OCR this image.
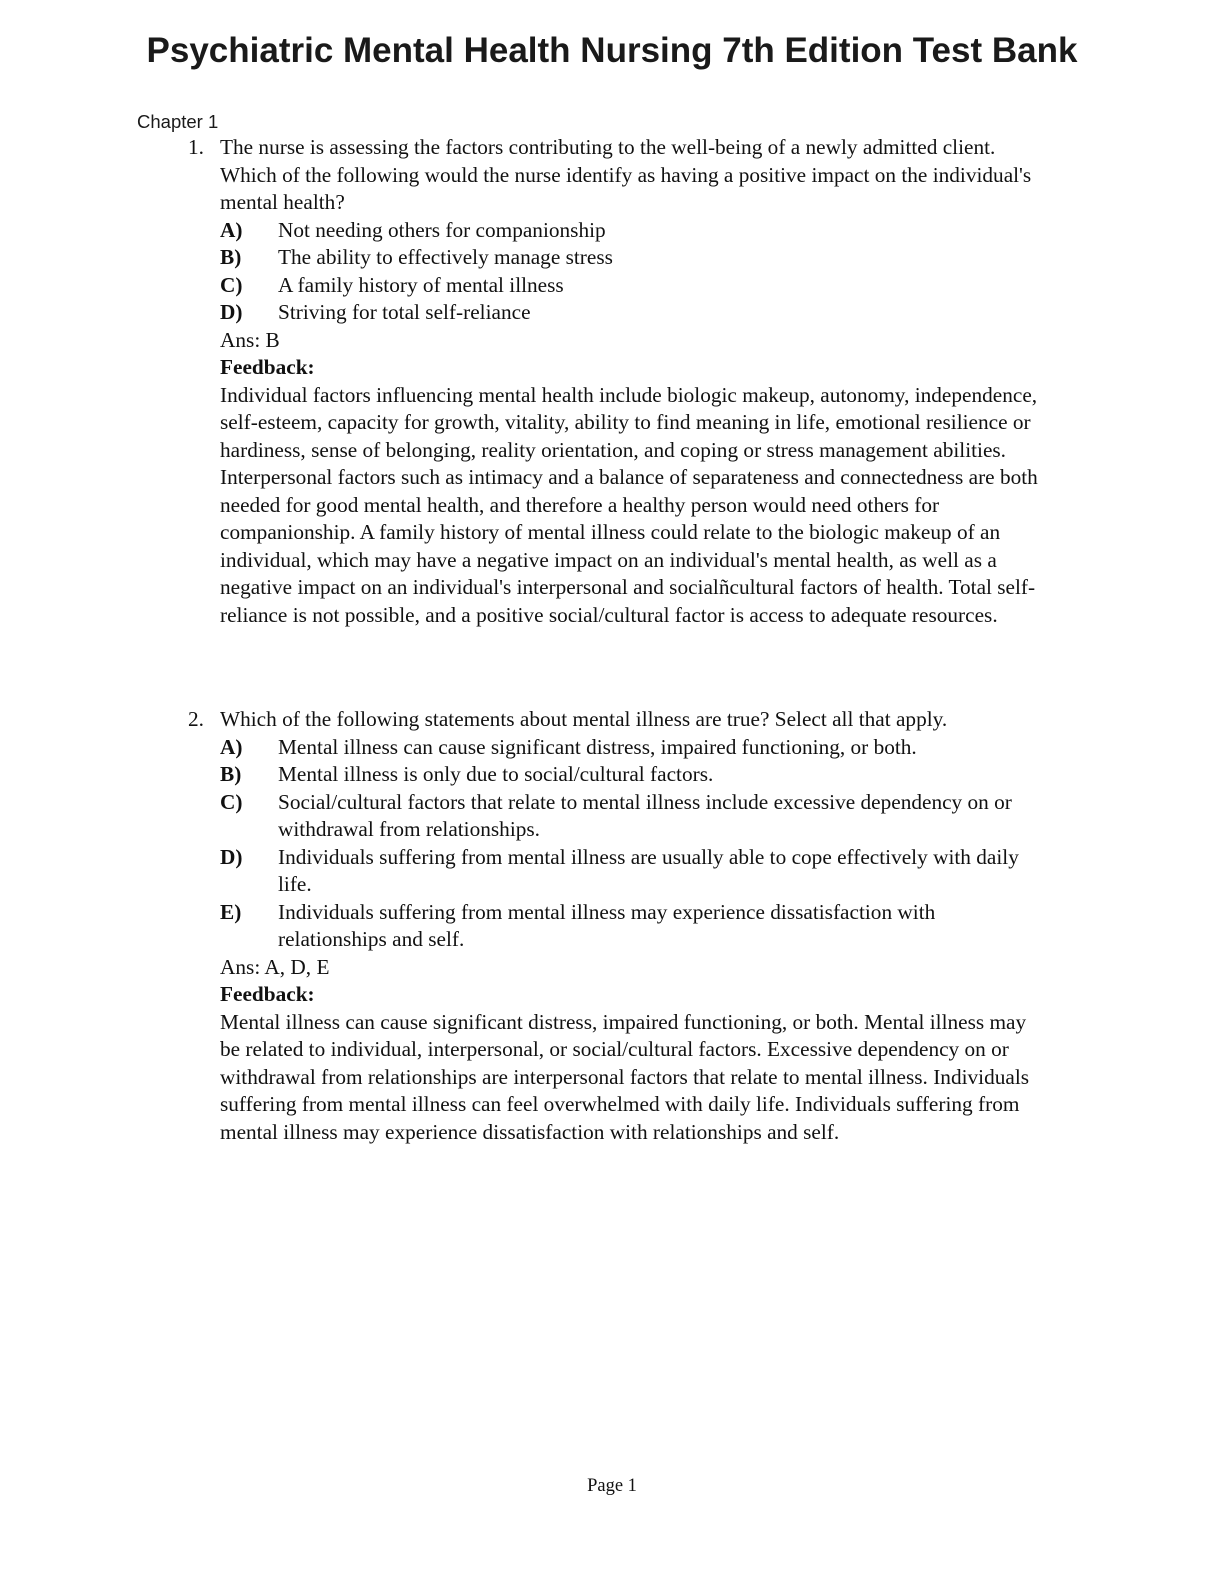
Psychiatric Mental Health Nursing 7th Edition Test Bank
Chapter 1
1. The nurse is assessing the factors contributing to the well-being of a newly admitted client. Which of the following would the nurse identify as having a positive impact on the individual's mental health?

A) Not needing others for companionship
B) The ability to effectively manage stress
C) A family history of mental illness
D) Striving for total self-reliance

Ans: B

Feedback:

Individual factors influencing mental health include biologic makeup, autonomy, independence, self-esteem, capacity for growth, vitality, ability to find meaning in life, emotional resilience or hardiness, sense of belonging, reality orientation, and coping or stress management abilities. Interpersonal factors such as intimacy and a balance of separateness and connectedness are both needed for good mental health, and therefore a healthy person would need others for companionship. A family history of mental illness could relate to the biologic makeup of an individual, which may have a negative impact on an individual's mental health, as well as a negative impact on an individual's interpersonal and socialñcultural factors of health. Total self-reliance is not possible, and a positive social/cultural factor is access to adequate resources.

2. Which of the following statements about mental illness are true? Select all that apply.

A) Mental illness can cause significant distress, impaired functioning, or both.
B) Mental illness is only due to social/cultural factors.
C) Social/cultural factors that relate to mental illness include excessive dependency on or withdrawal from relationships.
D) Individuals suffering from mental illness are usually able to cope effectively with daily life.
E) Individuals suffering from mental illness may experience dissatisfaction with relationships and self.

Ans: A, D, E

Feedback:

Mental illness can cause significant distress, impaired functioning, or both. Mental illness may be related to individual, interpersonal, or social/cultural factors. Excessive dependency on or withdrawal from relationships are interpersonal factors that relate to mental illness. Individuals suffering from mental illness can feel overwhelmed with daily life. Individuals suffering from mental illness may experience dissatisfaction with relationships and self.

Page 1
